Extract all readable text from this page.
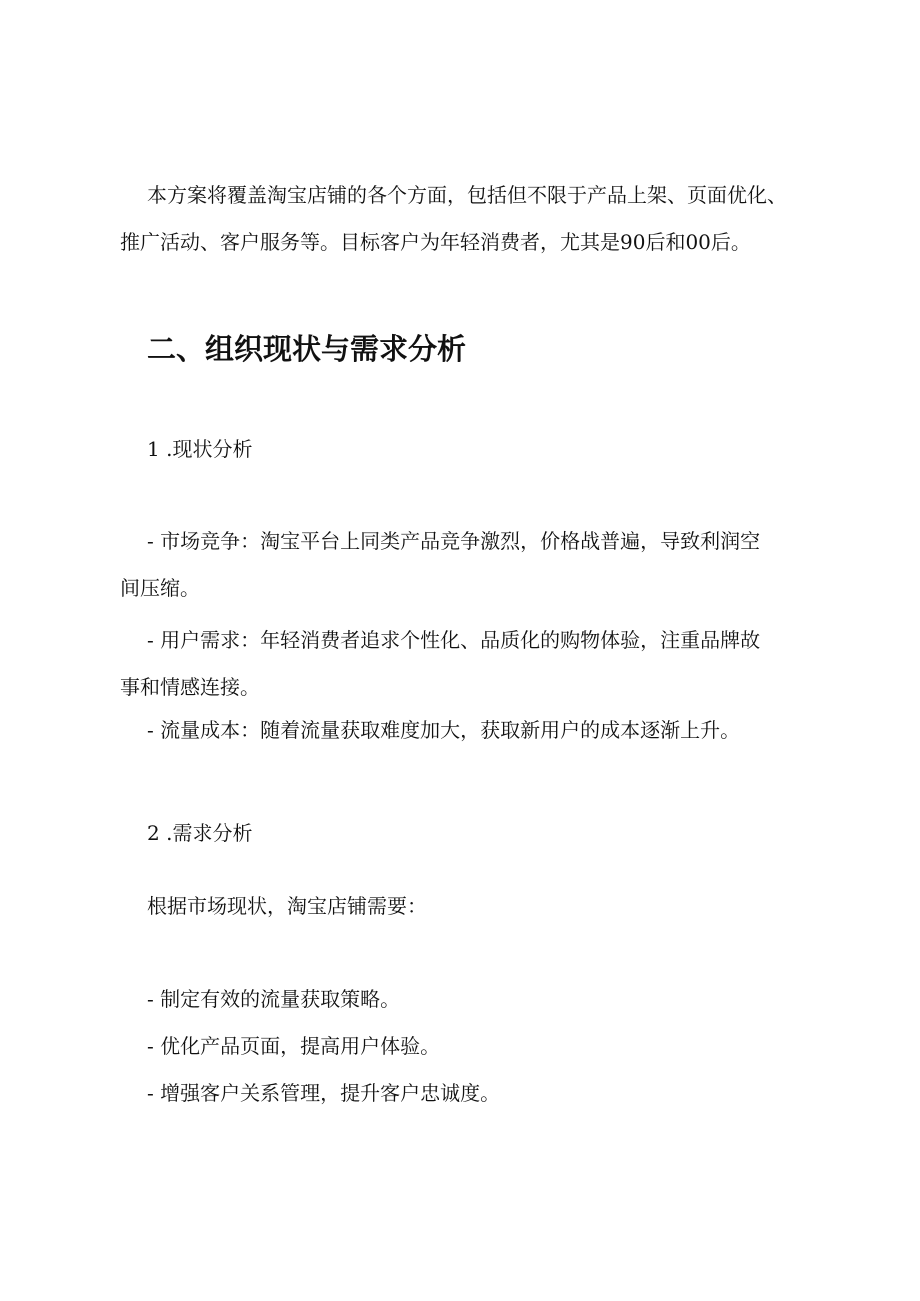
本方案将覆盖淘宝店铺的各个方面，包括但不限于产品上架、页面优化、

推广活动、客户服务等。目标客户为年轻消费者，尤其是90后和00后。

二、组织现状与需求分析

1 .现状分析

- 市场竞争：淘宝平台上同类产品竞争激烈，价格战普遍，导致利润空

间压缩。

- 用户需求：年轻消费者追求个性化、品质化的购物体验，注重品牌故

事和情感连接。

- 流量成本：随着流量获取难度加大，获取新用户的成本逐渐上升。

2 .需求分析

根据市场现状，淘宝店铺需要：

- 制定有效的流量获取策略。

- 优化产品页面，提高用户体验。

- 增强客户关系管理，提升客户忠诚度。
